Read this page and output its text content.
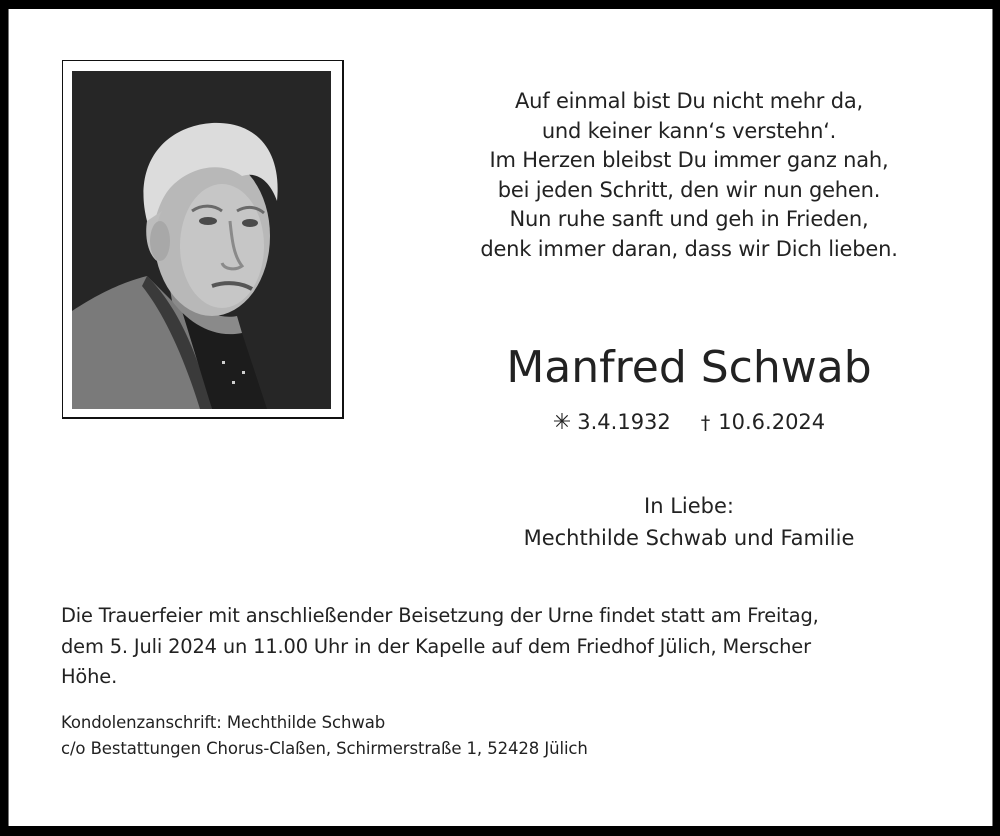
Auf einmal bist Du nicht mehr da,
und keiner kann‘s verstehn‘.
Im Herzen bleibst Du immer ganz nah,
bei jeden Schritt, den wir nun gehen.
Nun ruhe sanft und geh in Frieden,
denk immer daran, dass wir Dich lieben.
Manfred Schwab
✳ 3.4.1932 † 10.6.2024
In Liebe:
Mechthilde Schwab und Familie
Die Trauerfeier mit anschließender Beisetzung der Urne findet statt am Freitag,
dem 5. Juli 2024 un 11.00 Uhr in der Kapelle auf dem Friedhof Jülich, Merscher
Höhe.
Kondolenzanschrift: Mechthilde Schwab
c/o Bestattungen Chorus-Claßen, Schirmerstraße 1, 52428 Jülich
